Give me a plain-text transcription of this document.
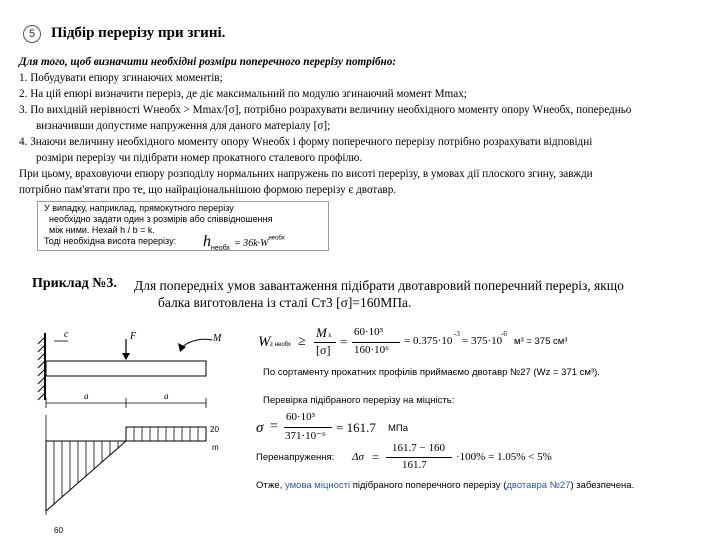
5	Підбір перерізу при згині.
Для того, щоб визначити необхідні розміри поперечного перерізу потрібно:
1. Побудувати епюру згинаючих моментів;
2. На цій епюрі визначити переріз, де діє максимальний по модулю згинаючий момент Mmax;
3. По вихідній нерівності Wнеобх > Mmax/[σ], потрібно розрахувати величину необхідного моменту опору Wнеобх, попередньо
визначивши допустиме напруження для даного матеріалу [σ];
4. Знаючи величину необхідного моменту опору Wнеобх і форму поперечного перерізу потрібно розрахувати відповідні
розміри перерізу чи підібрати номер прокатного сталевого профілю.
При цьому, враховуючи епюру розподілу нормальних напружень по висоті перерізу, в умовах дії плоского згину, завжди
потрібно пам'ятати про те, що найраціональнішою формою перерізу є двотавр.
У випадку, наприклад, прямокутного перерізу
необхідно задати один з розмірів або співвідношення
між ними. Нехай h / b = k.
Тоді необхідна висота перерізу: $h_{необх} = 36k\cdot W^{необх}$
Приклад №3. Для попередніх умов завантаження підібрати двотавровий поперечний переріз, якщо
балка виготовлена із сталі Ст3 [σ]=160МПа.
c	F	M
a	a
20
m
60
W z необх ≥
M x
[σ]
=
60·10³
160·10⁶
= 0.375·10
-3
= 375·10
-6
м³ = 375 см³
По сортаменту прокатних профілів приймаємо двотавр №27 (Wz = 371 см³).
Перевірка підібраного перерізу на міцність:
σ =
60·10³
371·10⁻⁶
= 161.7 МПа
Перенапруження: Δσ =
161.7 − 160
161.7
·100% = 1.05% < 5%
Отже, умова міцності підібраного поперечного перерізу (двотавра №27) забезпечена.
